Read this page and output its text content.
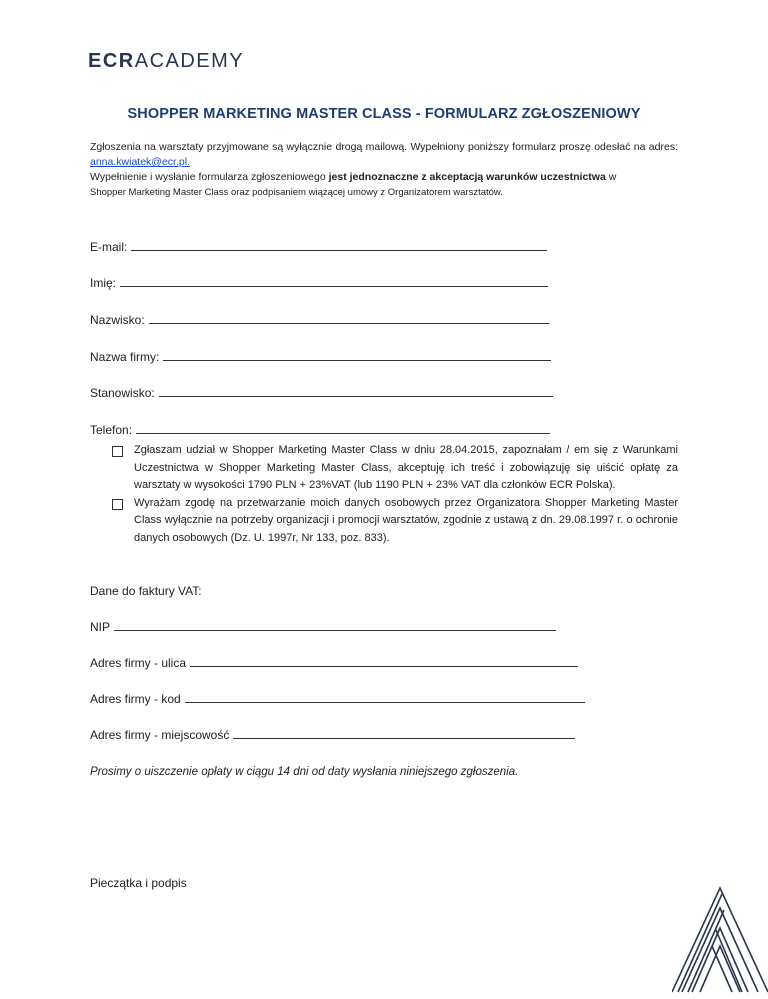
ECRACADEMY
SHOPPER MARKETING MASTER CLASS - FORMULARZ ZGŁOSZENIOWY

Zgłoszenia na warsztaty przyjmowane są wyłącznie drogą mailową. Wypełniony poniższy formularz proszę odesłać na adres: anna.kwiatek@ecr.pl.

Wypełnienie i wysłanie formularza zgłoszeniowego jest jednoznaczne z akceptacją warunków uczestnictwa w

Shopper Marketing Master Class oraz podpisaniem wiążącej umowy z Organizatorem warsztatów.

E-mail:
Imię:
Nazwisko:
Nazwa firmy:
Stanowisko:
Telefon:
Zgłaszam udział w Shopper Marketing Master Class w dniu 28.04.2015, zapoznałam / em się z Warunkami Uczestnictwa w Shopper Marketing Master Class, akceptuję ich treść i zobowiązuję się uiścić opłatę za warsztaty w wysokości 1790 PLN + 23%VAT (lub 1190 PLN + 23% VAT dla członków ECR Polska).
Wyrażam zgodę na przetwarzanie moich danych osobowych przez Organizatora Shopper Marketing Master Class wyłącznie na potrzeby organizacji i promocji warsztatów, zgodnie z ustawą z dn. 29.08.1997 r. o ochronie danych osobowych (Dz. U. 1997r, Nr 133, poz. 833).
Dane do faktury VAT:
NIP
Adres firmy - ulica
Adres firmy - kod
Adres firmy - miejscowość
Prosimy o uiszczenie opłaty w ciągu 14 dni od daty wysłania niniejszego zgłoszenia.
Pieczątka i podpis
